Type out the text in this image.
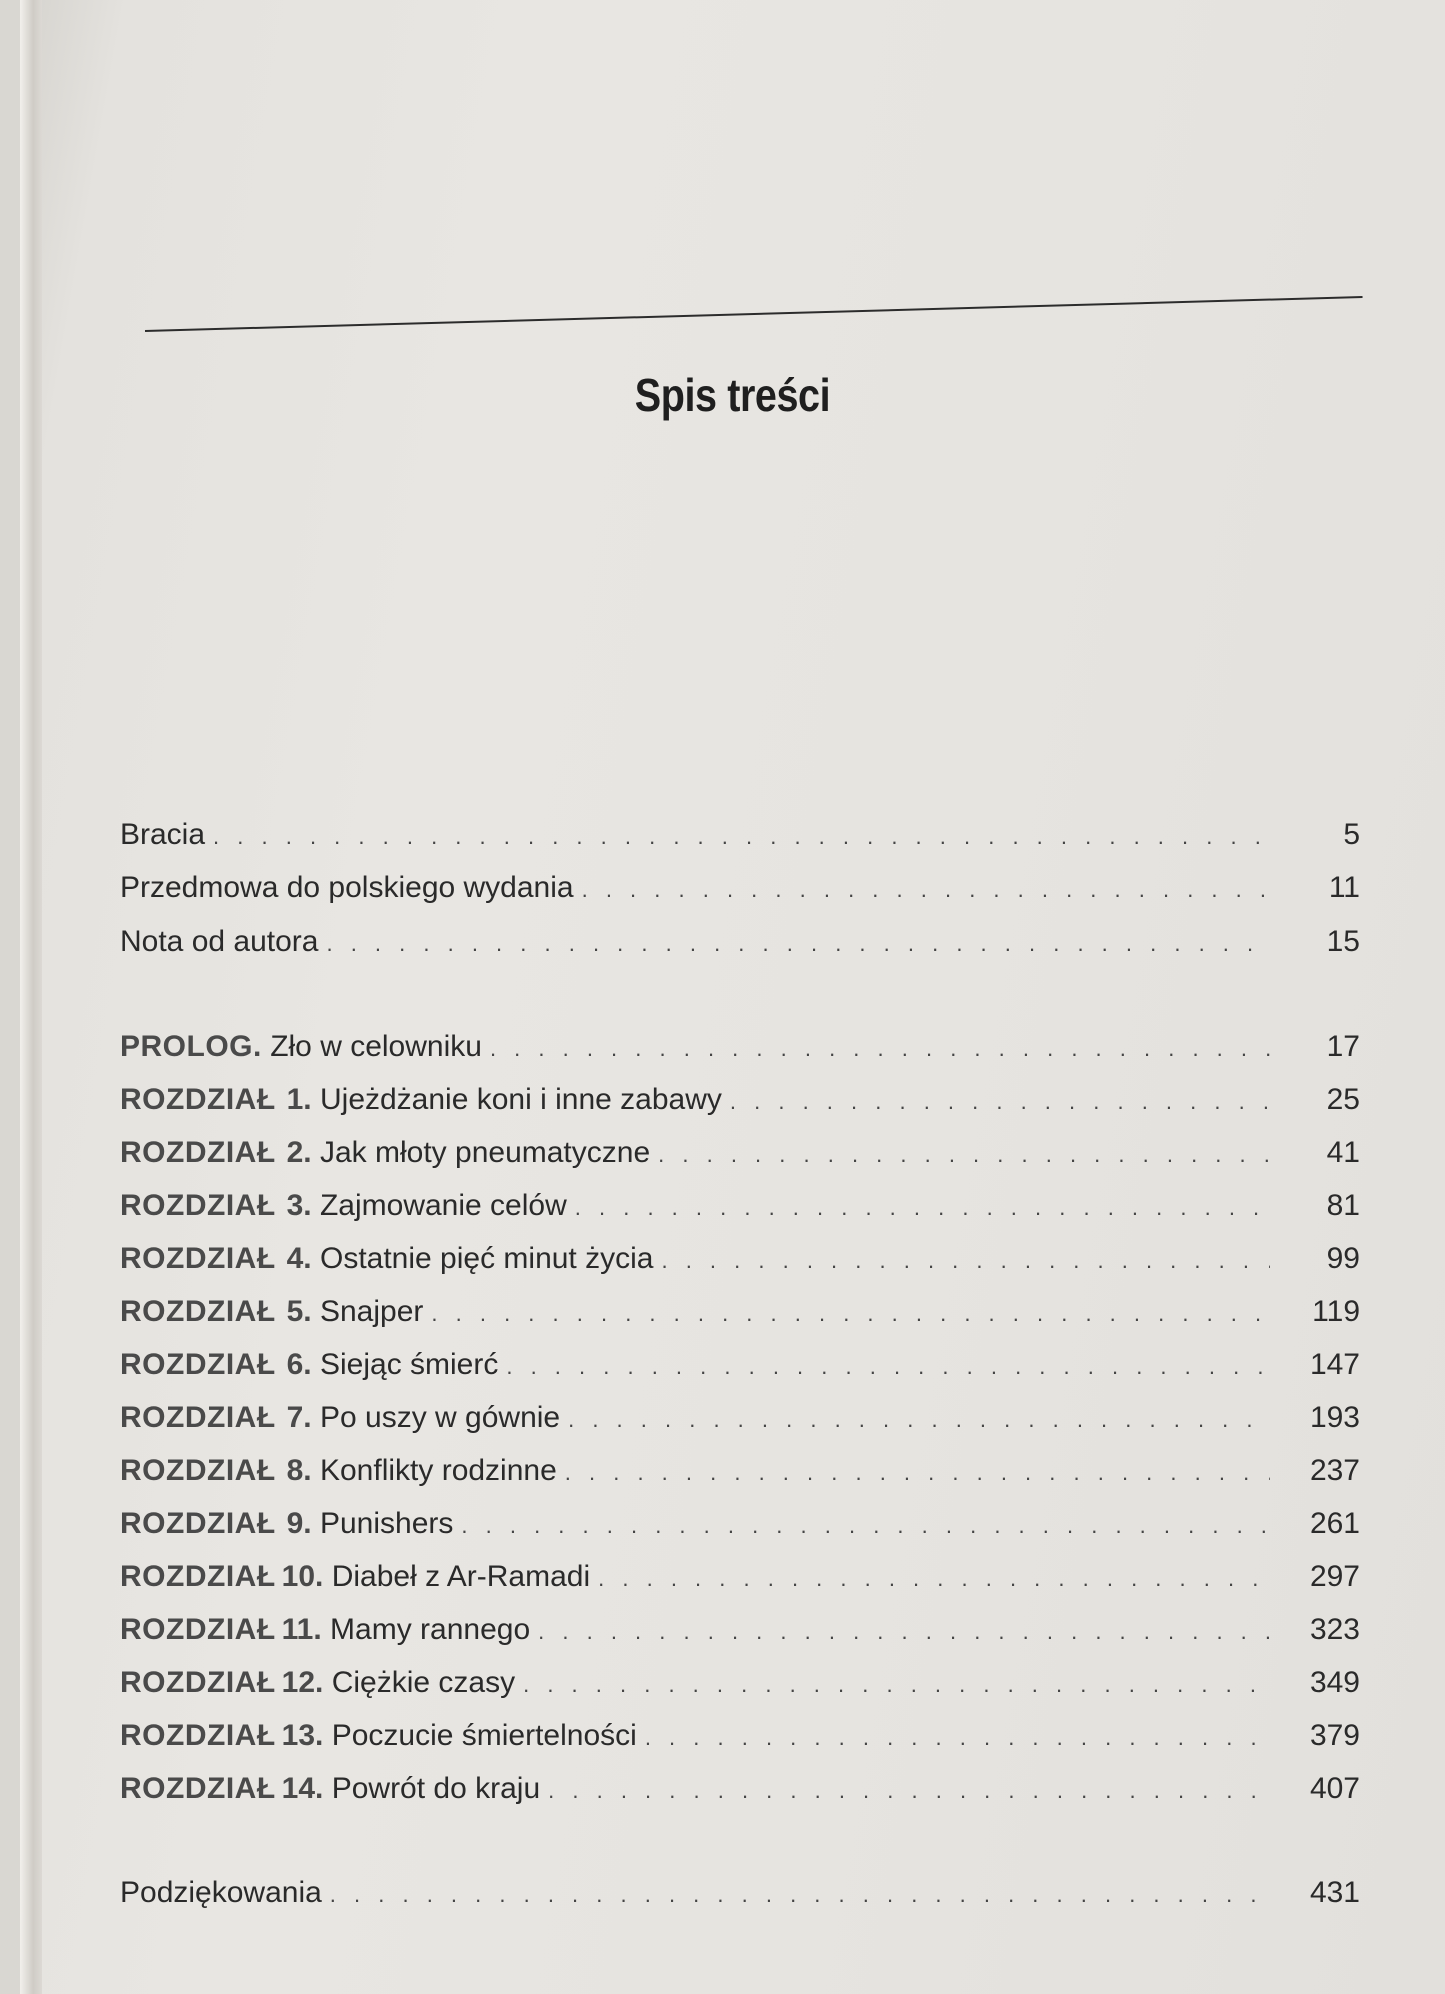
Spis treści
Bracia . . .	5
Przedmowa do polskiego wydania . . .	11
Nota od autora . . .	15
PROLOG. Zło w celowniku . . .	17
ROZDZIAŁ 1. Ujeżdżanie koni i inne zabawy . . .	25
ROZDZIAŁ 2. Jak młoty pneumatyczne . . .	41
ROZDZIAŁ 3. Zajmowanie celów . . .	81
ROZDZIAŁ 4. Ostatnie pięć minut życia . . .	99
ROZDZIAŁ 5. Snajper . . .	119
ROZDZIAŁ 6. Siejąc śmierć . . .	147
ROZDZIAŁ 7. Po uszy w gównie . . .	193
ROZDZIAŁ 8. Konflikty rodzinne . . .	237
ROZDZIAŁ 9. Punishers . . .	261
ROZDZIAŁ 10. Diabeł z Ar-Ramadi . . .	297
ROZDZIAŁ 11. Mamy rannego . . .	323
ROZDZIAŁ 12. Ciężkie czasy . . .	349
ROZDZIAŁ 13. Poczucie śmiertelności . . .	379
ROZDZIAŁ 14. Powrót do kraju . . .	407
Podziękowania . . .	431
